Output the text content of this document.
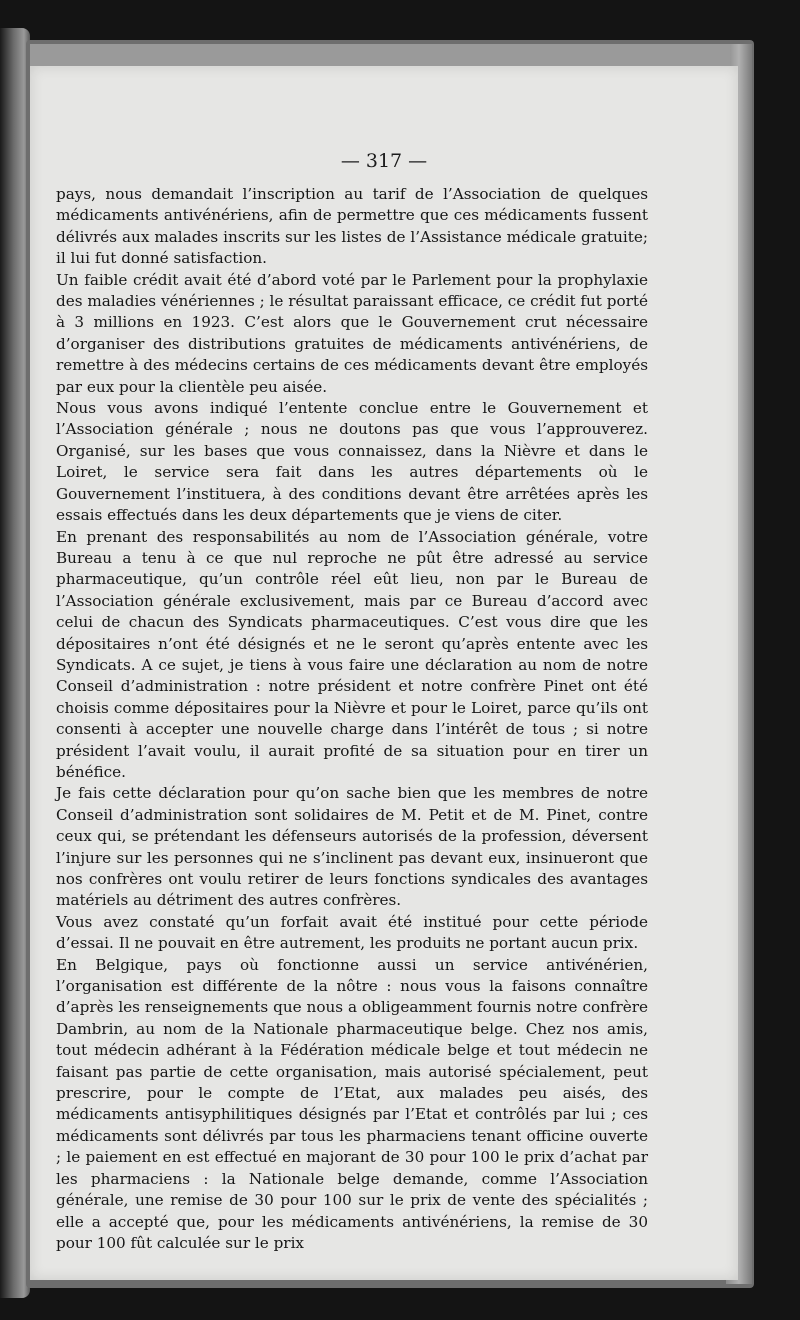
— 317 —

pays, nous demandait l’inscription au tarif de l’Association de quelques médicaments antivénériens, afin de permettre que ces médicaments fussent délivrés aux malades inscrits sur les listes de l’Assistance médicale gratuite; il lui fut donné satisfaction.

Un faible crédit avait été d’abord voté par le Parlement pour la prophylaxie des maladies vénériennes ; le résultat paraissant efficace, ce crédit fut porté à 3 millions en 1923. C’est alors que le Gouvernement crut nécessaire d’organiser des distributions gratuites de médicaments antivénériens, de remettre à des médecins certains de ces médicaments devant être employés par eux pour la clientèle peu aisée.

Nous vous avons indiqué l’entente conclue entre le Gouvernement et l’Association générale ; nous ne doutons pas que vous l’approuverez. Organisé, sur les bases que vous connaissez, dans la Nièvre et dans le Loiret, le service sera fait dans les autres départements où le Gouvernement l’instituera, à des conditions devant être arrêtées après les essais effectués dans les deux départements que je viens de citer.

En prenant des responsabilités au nom de l’Association générale, votre Bureau a tenu à ce que nul reproche ne pût être adressé au service pharmaceutique, qu’un contrôle réel eût lieu, non par le Bureau de l’Association générale exclusivement, mais par ce Bureau d’accord avec celui de chacun des Syndicats pharmaceutiques. C’est vous dire que les dépositaires n’ont été désignés et ne le seront qu’après entente avec les Syndicats. A ce sujet, je tiens à vous faire une déclaration au nom de notre Conseil d’administration : notre président et notre confrère Pinet ont été choisis comme dépositaires pour la Nièvre et pour le Loiret, parce qu’ils ont consenti à accepter une nouvelle charge dans l’intérêt de tous ; si notre président l’avait voulu, il aurait profité de sa situation pour en tirer un bénéfice.

Je fais cette déclaration pour qu’on sache bien que les membres de notre Conseil d’administration sont solidaires de M. Petit et de M. Pinet, contre ceux qui, se prétendant les défenseurs autorisés de la profession, déversent l’injure sur les personnes qui ne s’inclinent pas devant eux, insinueront que nos confrères ont voulu retirer de leurs fonctions syndicales des avantages matériels au détriment des autres confrères.

Vous avez constaté qu’un forfait avait été institué pour cette période d’essai. Il ne pouvait en être autrement, les produits ne portant aucun prix.

En Belgique, pays où fonctionne aussi un service antivénérien, l’organisation est différente de la nôtre : nous vous la faisons connaître d’après les renseignements que nous a obligeamment fournis notre confrère Dambrin, au nom de la Nationale pharmaceutique belge. Chez nos amis, tout médecin adhérant à la Fédération médicale belge et tout médecin ne faisant pas partie de cette organisation, mais autorisé spécialement, peut prescrire, pour le compte de l’Etat, aux malades peu aisés, des médicaments antisyphilitiques désignés par l’Etat et contrôlés par lui ; ces médicaments sont délivrés par tous les pharmaciens tenant officine ouverte ; le paiement en est effectué en majorant de 30 pour 100 le prix d’achat par les pharmaciens : la Nationale belge demande, comme l’Association générale, une remise de 30 pour 100 sur le prix de vente des spécialités ; elle a accepté que, pour les médicaments antivénériens, la remise de 30 pour 100 fût calculée sur le prix
